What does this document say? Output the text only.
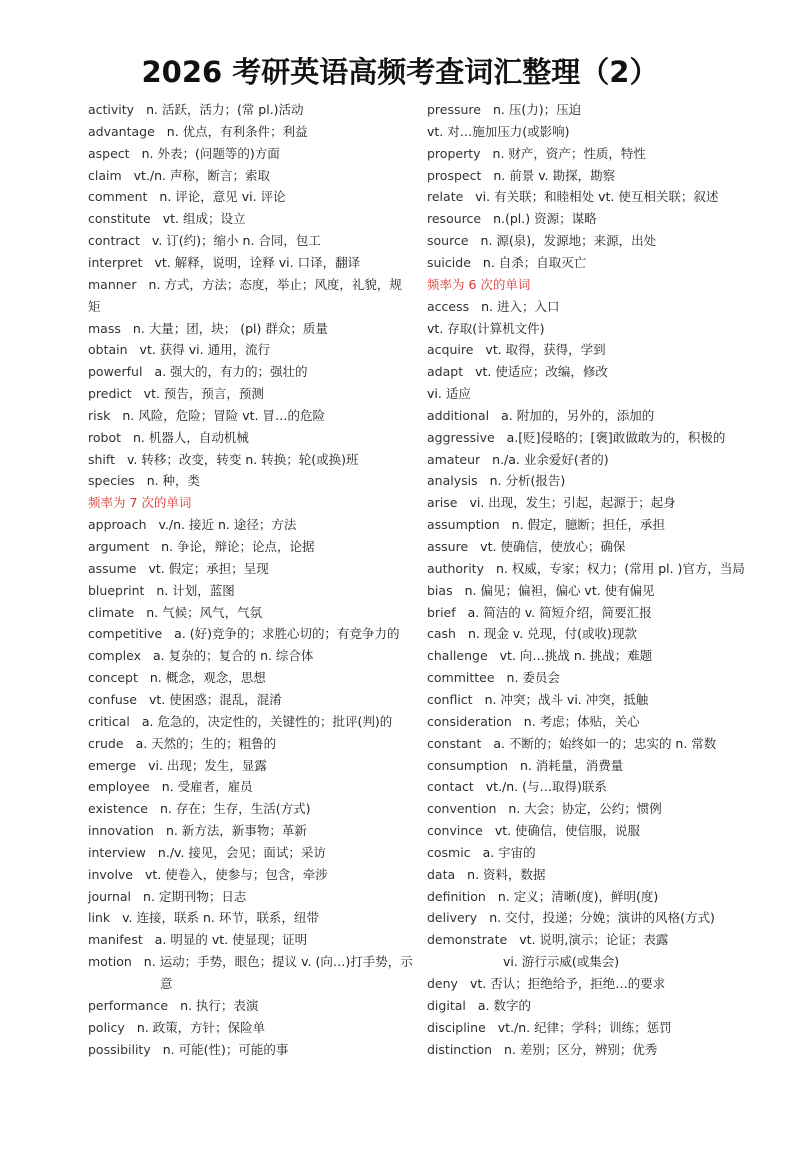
2026 考研英语高频考查词汇整理（2）
activity n. 活跃，活力；(常 pl.)活动
advantage n. 优点，有利条件；利益
aspect n. 外表；(问题等的)方面
claim vt./n. 声称，断言；索取
comment n. 评论，意见 vi. 评论
constitute vt. 组成；设立
contract v. 订(约)；缩小 n. 合同，包工
interpret vt. 解释，说明，诠释 vi. 口译，翻译
manner n. 方式，方法；态度，举止；风度，礼貌，规
矩
mass n. 大量；团，块； (pl) 群众；质量
obtain vt. 获得 vi. 通用，流行
powerful a. 强大的，有力的；强壮的
predict vt. 预告，预言，预测
risk n. 风险，危险；冒险 vt. 冒…的危险
robot n. 机器人，自动机械
shift v. 转移；改变，转变 n. 转换；轮(或换)班
species n. 种，类
频率为 7 次的单词
approach v./n. 接近 n. 途径；方法
argument n. 争论，辩论；论点，论据
assume vt. 假定；承担；呈现
blueprint n. 计划，蓝图
climate n. 气候；风气，气氛
competitive a. (好)竞争的；求胜心切的；有竞争力的
complex a. 复杂的；复合的 n. 综合体
concept n. 概念，观念，思想
confuse vt. 使困惑；混乱，混淆
critical a. 危急的，决定性的，关键性的；批评(判)的
crude a. 天然的；生的；粗鲁的
emerge vi. 出现；发生，显露
employee n. 受雇者，雇员
existence n. 存在；生存，生活(方式)
innovation n. 新方法，新事物；革新
interview n./v. 接见，会见；面试；采访
involve vt. 使卷入，使参与；包含，牵涉
journal n. 定期刊物；日志
link v. 连接，联系 n. 环节，联系，纽带
manifest a. 明显的 vt. 使显现；证明
motion n. 运动；手势，眼色；提议 v. (向…)打手势，示
意
performance n. 执行；表演
policy n. 政策，方针；保险单
possibility n. 可能(性)；可能的事
pressure n. 压(力)；压迫
vt. 对…施加压力(或影响)
property n. 财产，资产；性质，特性
prospect n. 前景 v. 勘探，勘察
relate vi. 有关联；和睦相处 vt. 使互相关联；叙述
resource n.(pl.) 资源；谋略
source n. 源(泉)，发源地；来源，出处
suicide n. 自杀；自取灭亡
频率为 6 次的单词
access n. 进入；入口
vt. 存取(计算机文件)
acquire vt. 取得，获得，学到
adapt vt. 使适应；改编，修改
vi. 适应
additional a. 附加的，另外的，添加的
aggressive a.[贬]侵略的；[褒]敢做敢为的，积极的
amateur n./a. 业余爱好(者的)
analysis n. 分析(报告)
arise vi. 出现，发生；引起，起源于；起身
assumption n. 假定，臆断；担任，承担
assure vt. 使确信，使放心；确保
authority n. 权威，专家；权力；(常用 pl. )官方，当局
bias n. 偏见；偏袒，偏心 vt. 使有偏见
brief a. 简洁的 v. 简短介绍，简要汇报
cash n. 现金 v. 兑现，付(或收)现款
challenge vt. 向…挑战 n. 挑战；难题
committee n. 委员会
conflict n. 冲突；战斗 vi. 冲突，抵触
consideration n. 考虑；体贴，关心
constant a. 不断的；始终如一的；忠实的 n. 常数
consumption n. 消耗量，消费量
contact vt./n. (与…取得)联系
convention n. 大会；协定，公约；惯例
convince vt. 使确信，使信服，说服
cosmic a. 宇宙的
data n. 资料，数据
definition n. 定义；清晰(度)，鲜明(度)
delivery n. 交付，投递；分娩；演讲的风格(方式)
demonstrate vt. 说明,演示；论证；表露
vi. 游行示威(或集会)
deny vt. 否认；拒绝给予，拒绝…的要求
digital a. 数字的
discipline vt./n. 纪律；学科；训练；惩罚
distinction n. 差别；区分，辨别；优秀
